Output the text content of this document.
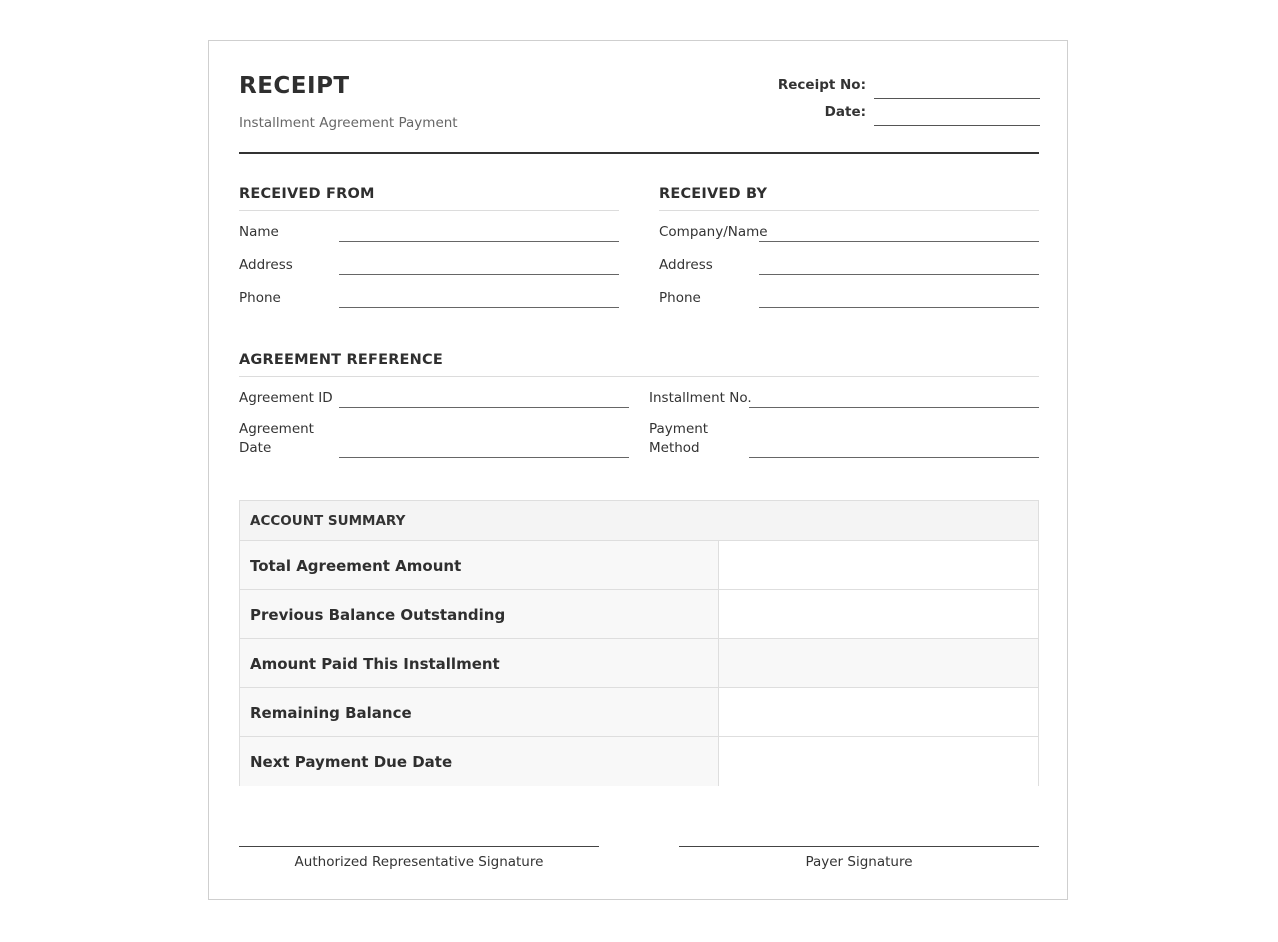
RECEIPT
Installment Agreement Payment
Receipt No:
Date:
RECEIVED FROM
Name
Address
Phone
RECEIVED BY
Company/Name
Address
Phone
AGREEMENT REFERENCE
Agreement ID	Installment No.
Agreement
Date
Payment
Method
ACCOUNT SUMMARY
Total Agreement Amount
Previous Balance Outstanding
Amount Paid This Installment
Remaining Balance
Next Payment Due Date
Authorized Representative Signature	Payer Signature
